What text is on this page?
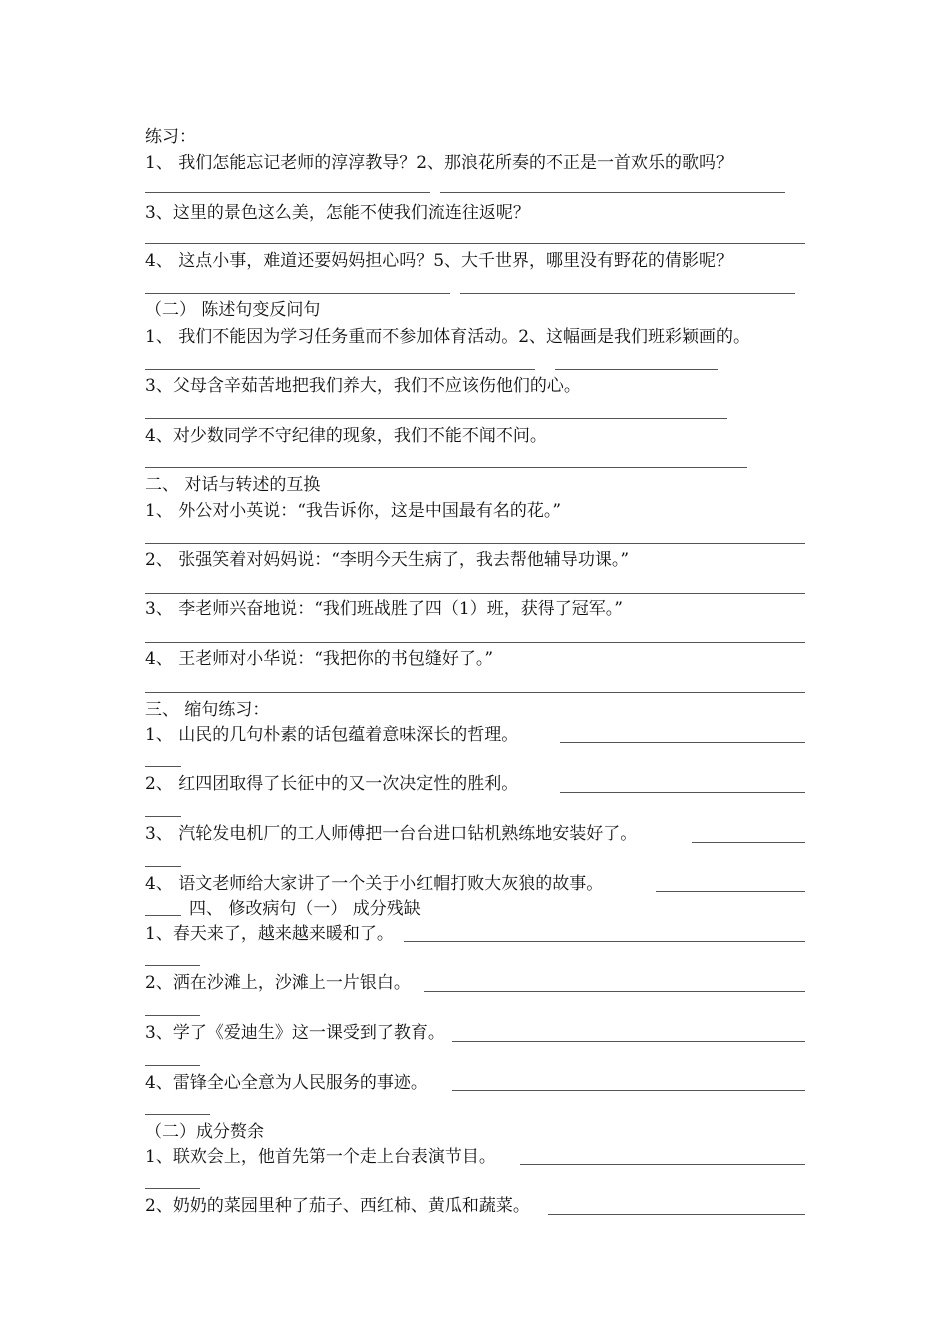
练习：
1、 我们怎能忘记老师的淳淳教导？2、那浪花所奏的不正是一首欢乐的歌吗？
3、这里的景色这么美，怎能不使我们流连往返呢？
4、 这点小事，难道还要妈妈担心吗？5、大千世界，哪里没有野花的倩影呢？
（二） 陈述句变反问句
1、 我们不能因为学习任务重而不参加体育活动。2、这幅画是我们班彩颖画的。
3、父母含辛茹苦地把我们养大，我们不应该伤他们的心。
4、对少数同学不守纪律的现象，我们不能不闻不问。
二、 对话与转述的互换
1、 外公对小英说：“我告诉你，这是中国最有名的花。”
2、 张强笑着对妈妈说：“李明今天生病了，我去帮他辅导功课。”
3、 李老师兴奋地说：“我们班战胜了四（1）班，获得了冠军。”
4、 王老师对小华说：“我把你的书包缝好了。”
三、 缩句练习：
1、 山民的几句朴素的话包蕴着意味深长的哲理。
2、 红四团取得了长征中的又一次决定性的胜利。
3、 汽轮发电机厂的工人师傅把一台台进口钻机熟练地安装好了。
4、 语文老师给大家讲了一个关于小红帽打败大灰狼的故事。
四、 修改病句（一） 成分残缺
1、春天来了，越来越来暖和了。
2、洒在沙滩上，沙滩上一片银白。
3、学了《爱迪生》这一课受到了教育。
4、雷锋全心全意为人民服务的事迹。
（二）成分赘余
1、联欢会上，他首先第一个走上台表演节目。
2、奶奶的菜园里种了茄子、西红柿、黄瓜和蔬菜。
